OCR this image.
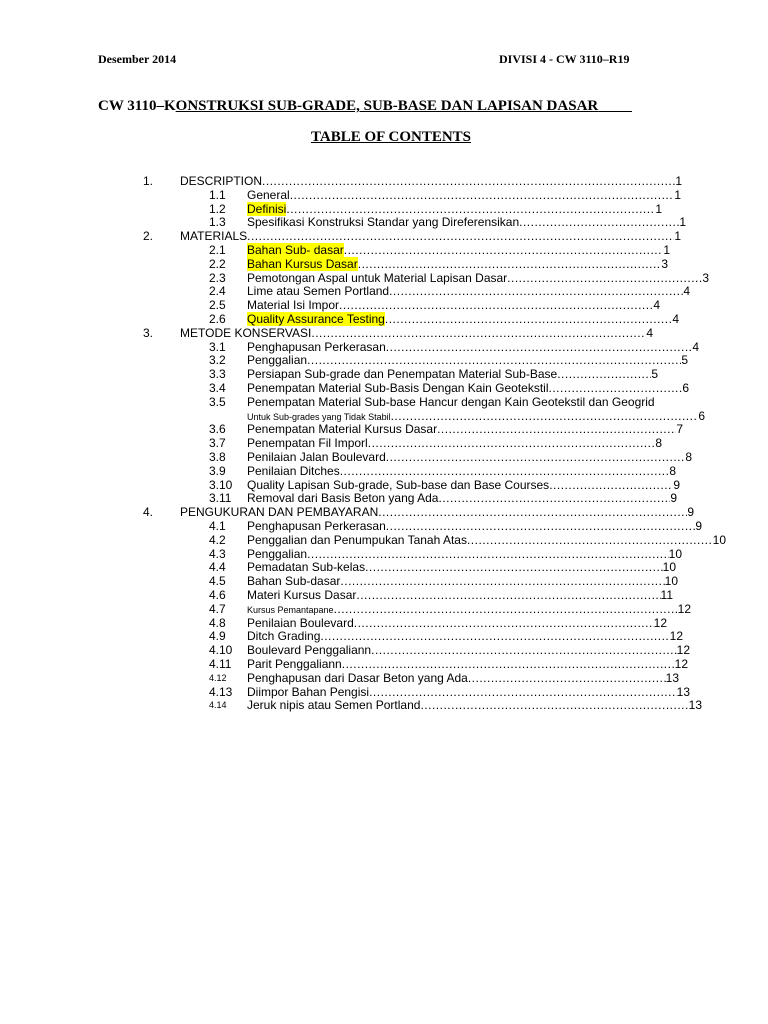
Desember 2014	DIVISI 4 - CW 3110–R19
CW 3110–KONSTRUKSI SUB-GRADE, SUB-BASE DAN LAPISAN DASAR
TABLE OF CONTENTS
1. DESCRIPTION .....	1
1.1 General .....	1
1.2 Definisi .....	1
1.3 Spesifikasi Konstruksi Standar yang Direferensikan .....	1
2. MATERIALS .....	1
2.1 Bahan Sub- dasar .....	1
2.2 Bahan Kursus Dasar .....	3
2.3 Pemotongan Aspal untuk Material Lapisan Dasar .....	3
2.4 Lime atau Semen Portland .....	4
2.5 Material Isi Impor .....	4
2.6 Quality Assurance Testing .....	4
3. METODE KONSERVASI .....	4
3.1 Penghapusan Perkerasan .....	4
3.2 Penggalian .....	5
3.3 Persiapan Sub-grade dan Penempatan Material Sub-Base .....	5
3.4 Penempatan Material Sub-Basis Dengan Kain Geotekstil .....	6
3.5 Penempatan Material Sub-base Hancur dengan Kain Geotekstil dan Geogrid
Untuk Sub-grades yang Tidak Stabil .....	6
3.6 Penempatan Material Kursus Dasar .....	7
3.7 Penempatan Fil Imporl .....	8
3.8 Penilaian Jalan Boulevard .....	8
3.9 Penilaian Ditches .....	8
3.10 Quality Lapisan Sub-grade, Sub-base dan Base Courses .....	9
3.11 Removal dari Basis Beton yang Ada .....	9
4. PENGUKURAN DAN PEMBAYARAN .....	9
4.1 Penghapusan Perkerasan .....	9
4.2 Penggalian dan Penumpukan Tanah Atas .....	10
4.3 Penggalian .....	10
4.4 Pemadatan Sub-kelas .....	10
4.5 Bahan Sub-dasar .....	10
4.6 Materi Kursus Dasar .....	11
4.7 Kursus Pemantapane .....	12
4.8 Penilaian Boulevard .....	12
4.9 Ditch Grading .....	12
4.10 Boulevard Penggaliann .....	12
4.11 Parit Penggaliann .....	12
4.12 Penghapusan dari Dasar Beton yang Ada .....	13
4.13 Diimpor Bahan Pengisi .....	13
4.14 Jeruk nipis atau Semen Portland .....	13
